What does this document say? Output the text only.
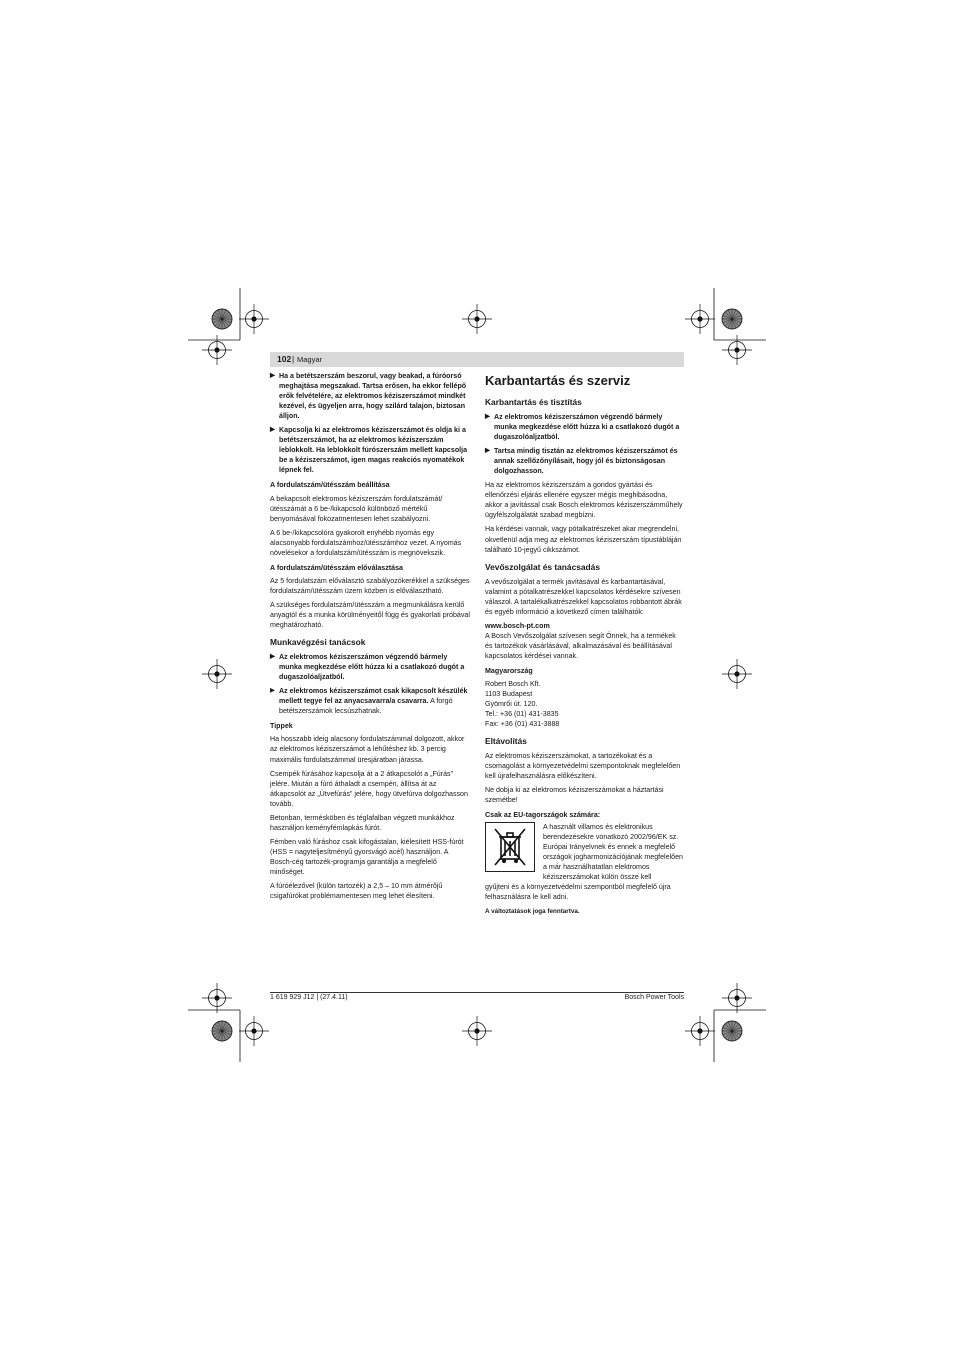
102 | Magyar
▶ Ha a betétszerszám beszorul, vagy beakad, a fúróorsó meghajtása megszakad. Tartsa erősen, ha ekkor fellépő erők felvételére, az elektromos kéziszerszámot mindkét kezével, és ügyeljen arra, hogy szilárd talajon, biztosan álljon.
▶ Kapcsolja ki az elektromos kéziszerszámot és oldja ki a betétszerszámot, ha az elektromos kéziszerszám leblokkolt. Ha leblokkolt fúrószerszám mellett kapcsolja be a kéziszerszámot, igen magas reakciós nyomatékok lépnek fel.
A fordulatszám/ütésszám beállítása

A bekapcsolt elektromos kéziszerszám fordulatszámát/ütésszámát a 6 be-/kikapcsoló különböző mértékű benyomásával fokozatmentesen lehet szabályozni.

A 6 be-/kikapcsolóra gyakorolt enyhébb nyomás egy alacsonyabb fordulatszámhoz/ütésszámhoz vezet. A nyomás növelésekor a fordulatszám/ütésszám is megnövekszik.

A fordulatszám/ütésszám előválasztása

Az 5 fordulatszám előválasztó szabályozókerékkel a szükséges fordulatszám/ütésszám üzem közben is előválasztható.

A szükséges fordulatszám/ütésszám a megmunkálásra kerülő anyagtól és a munka körülményeitől függ és gyakorlati próbával meghatározható.

Munkavégzési tanácsok
▶ Az elektromos kéziszerszámon végzendő bármely munka megkezdése előtt húzza ki a csatlakozó dugót a dugaszolóaljzatból.
▶ Az elektromos kéziszerszámot csak kikapcsolt készülék mellett tegye fel az anyacsavarra/a csavarra. A forgó betétszerszámok lecsúszhatnak.
Tippek

Ha hosszabb ideig alacsony fordulatszámmal dolgozott, akkor az elektromos kéziszerszámot a lehűtéshez kb. 3 percig maximális fordulatszámmal üresjáratban járassa.

Csempék fúrásához kapcsolja át a 2 átkapcsolót a „Fúrás” jelére. Miután a fúró áthaladt a csempén, állítsa át az átkapcsolót az „Ütvefúrás” jelére, hogy ütvefúrva dolgozhasson tovább.

Betonban, termésköben és téglafalban végzett munkákhoz használjon keményfémlapkás fúrót.

Fémben való fúráshoz csak kifogástalan, kiélesített HSS-fúrót (HSS = nagyteljesítményű gyorsvágó acél) használjon. A Bosch-cég tartozék-programja garantálja a megfelelő minőséget.

A fúróélezővel (külön tartozék) a 2,5 – 10 mm átmérőjű csigafúrókat problémamentesen meg lehet élesíteni.

Karbantartás és szerviz
Karbantartás és tisztítás
▶ Az elektromos kéziszerszámon végzendő bármely munka megkezdése előtt húzza ki a csatlakozó dugót a dugaszolóaljzatból.
▶ Tartsa mindig tisztán az elektromos kéziszerszámot és annak szellőzőnyílásait, hogy jól és biztonságosan dolgozhasson.

Ha az elektromos kéziszerszám a gondos gyártási és ellenőrzési eljárás ellenére egyszer mégis meghibásodna, akkor a javítással csak Bosch elektromos kéziszerszámműhely ügyfélszolgálatát szabad megbízni.

Ha kérdései vannak, vagy pótalkatrészeket akar megrendelni, okvetlenül adja meg az elektromos kéziszerszám típustábláján található 10-jegyű cikkszámot.

Vevőszolgálat és tanácsadás

A vevőszolgálat a termék javításával és karbantartásával, valamint a pótalkatrészekkel kapcsolatos kérdésekre szívesen válaszol. A tartalékalkatrészekkel kapcsolatos robbantott ábrák és egyéb információ a következő címen találhatók:

www.bosch-pt.com

A Bosch Vevőszolgálat szívesen segít Önnek, ha a termékek és tartozékok vásárlásával, alkalmazásával és beállításával kapcsolatos kérdései vannak.

Magyarország
Robert Bosch Kft.
1103 Budapest
Gyömrői út. 120.
Tel.: +36 (01) 431-3835
Fax: +36 (01) 431-3888
Eltávolítás

Az elektromos kéziszerszámokat, a tartozékokat és a csomagolást a környezetvédelmi szempontoknak megfelelően kell újrafelhasználásra előkészíteni.

Ne dobja ki az elektromos kéziszerszámokat a háztartási szemétbe!

Csak az EU-tagországok számára:
A használt villamos és elektronikus berendezésekre vonatkozó 2002/96/EK sz. Európai Irányelvnek és ennek a megfelelő országok jogharmonizációjának megfelelően a már használhatatlan elektromos kéziszerszámokat külön össze kell

gyűjteni és a környezetvédelmi szempontból megfelelő újra felhasználásra le kell adni.

A változtatások joga fenntartva.
1 619 929 J12 | (27.4.11)	Bosch Power Tools
